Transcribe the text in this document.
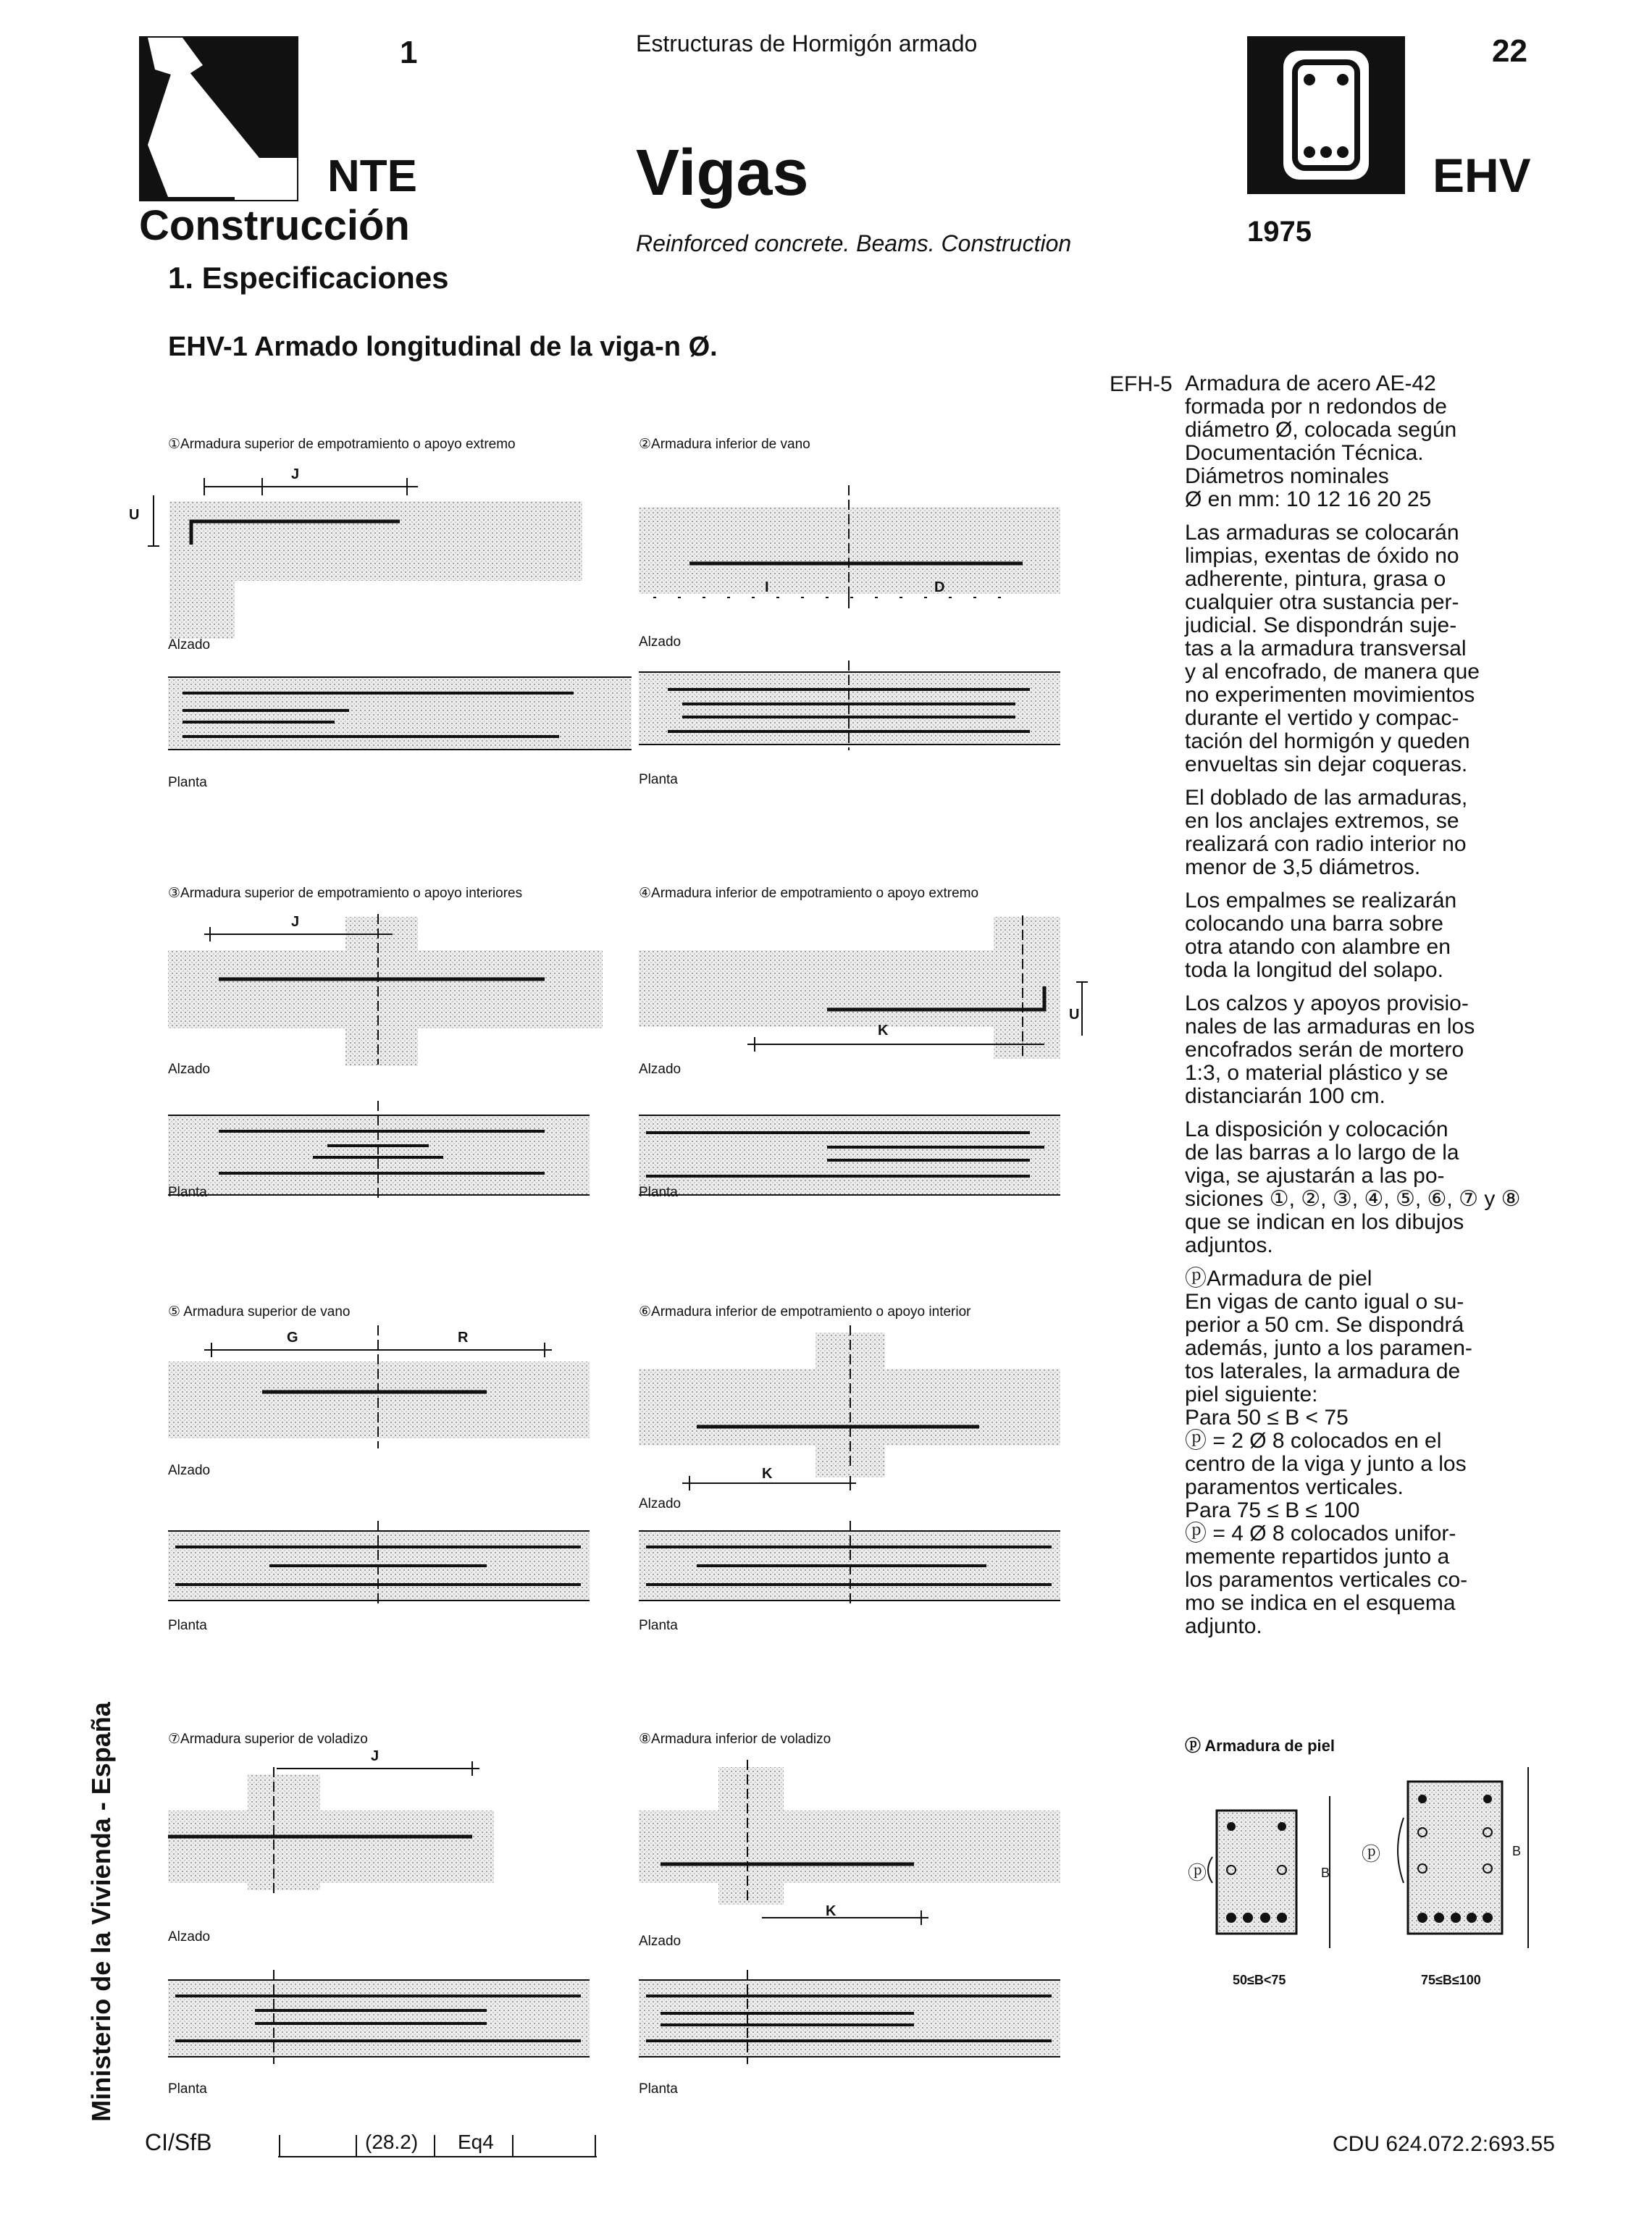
1
NTE
Construcción
1. Especificaciones
Estructuras de Hormigón armado
Vigas
Reinforced concrete. Beams. Construction
22
EHV
1975
EHV-1 Armado longitudinal de la viga-n Ø.
①Armadura superior de empotramiento o apoyo extremo
J
U
Alzado
Planta
②Armadura inferior de vano
I	D
Alzado
Planta
③Armadura superior de empotramiento o apoyo interiores
J
Alzado
Planta
④Armadura inferior de empotramiento o apoyo extremo
K
U
Alzado
Planta
⑤ Armadura superior de vano
G	R
Alzado
Planta
⑥Armadura inferior de empotramiento o apoyo interior
K
Alzado
Planta
⑦Armadura superior de voladizo
J
Alzado
Planta
⑧Armadura inferior de voladizo
K
Alzado
Planta
EFH-5 Armadura de acero AE-42
formada por n redondos de
diámetro Ø, colocada según
Documentación Técnica.
Diámetros nominales
Ø en mm: 10 12 16 20 25
Las armaduras se colocarán
limpias, exentas de óxido no
adherente, pintura, grasa o
cualquier otra sustancia per-
judicial. Se dispondrán suje-
tas a la armadura transversal
y al encofrado, de manera que
no experimenten movimientos
durante el vertido y compac-
tación del hormigón y queden
envueltas sin dejar coqueras.
El doblado de las armaduras,
en los anclajes extremos, se
realizará con radio interior no
menor de 3,5 diámetros.
Los empalmes se realizarán
colocando una barra sobre
otra atando con alambre en
toda la longitud del solapo.
Los calzos y apoyos provisio-
nales de las armaduras en los
encofrados serán de mortero
1:3, o material plástico y se
distanciarán 100 cm.
La disposición y colocación
de las barras a lo largo de la
viga, se ajustarán a las po-
siciones ①, ②, ③, ④, ⑤, ⑥, ⑦ y ⑧
que se indican en los dibujos
adjuntos.
ⓟArmadura de piel
En vigas de canto igual o su-
perior a 50 cm. Se dispondrá
además, junto a los paramen-
tos laterales, la armadura de
piel siguiente:
Para 50 ≤ B < 75
ⓟ = 2 Ø 8 colocados en el
centro de la viga y junto a los
paramentos verticales.
Para 75 ≤ B ≤ 100
ⓟ = 4 Ø 8 colocados unifor-
memente repartidos junto a
los paramentos verticales co-
mo se indica en el esquema
adjunto.
ⓟ Armadura de piel
ⓟ	B
50≤B<75
ⓟ	B
75≤B≤100
Ministerio de la Vivienda - España
CI/SfB	(28.2) Eq4	CDU 624.072.2:693.55
